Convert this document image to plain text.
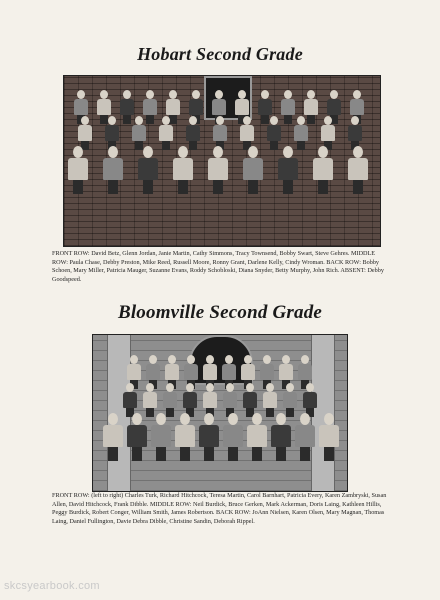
Hobart Second Grade
FRONT ROW: David Betz, Glenn Jordan, Janie Martin, Cathy Simmons, Tracy Townsend, Bobby Swart, Steve Gehres. MIDDLE ROW: Paula Chase, Debby Preston, Mike Reed, Russell Moore, Ronny Grant, Darlene Kelly, Cindy Wroman. BACK ROW: Bobby Schoen, Mary Miller, Patricia Mauger, Suzanne Evans, Roddy Schobloski, Diana Snyder, Betty Murphy, John Rich. ABSENT: Debby Goodspeed.
Bloomville Second Grade
FRONT ROW: (left to right) Charles Turk, Richard Hitchcock, Teresa Martin, Carol Barnhart, Patricia Every, Karen Zambryski, Susan Allen, David Hitchcock, Frank Dibble. MIDDLE ROW: Neil Burdick, Bruce Gerken, Mark Ackerman, Doris Laing, Kathleen Hillis, Peggy Burdick, Robert Conger, William Smith, James Robertson. BACK ROW: JoAnn Nielsen, Karen Olsen, Mary Magnan, Thomas Laing, Daniel Fullington, Davie Debra Dibble, Christine Sandin, Deborah Rippel.
skcsyearbook.com
